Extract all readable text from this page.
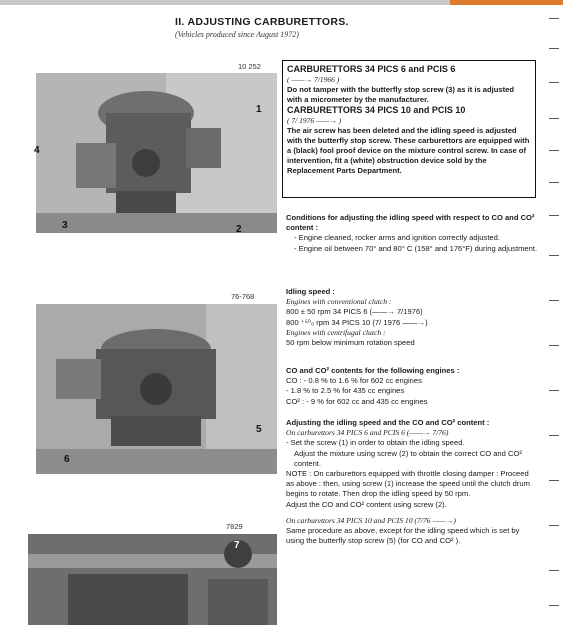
II. ADJUSTING CARBURETTORS.
(Vehicles produced since August 1972)
10 252
1
2
3
4
76-768
5
6
7829
7
CARBURETTORS 34 PICS 6 and PCIS 6
( ——→ 7/1966 )

Do not tamper with the butterfly stop screw (3) as it is adjusted with a micrometer by the manufacturer.

CARBURETTORS 34 PICS 10 and PCIS 10
( 7/ 1976 ——→ )

The air screw has been deleted and the idling speed is adjusted with the butterfly stop screw. These carburettors are equipped with a (black) fool proof device on the mixture control screw. In case of intervention, fit a (white) obstruction device sold by the Replacement Parts Department.

Conditions for adjusting the idling speed with respect to CO and CO² content :
- Engine cleaned, rocker arms and ignition correctly adjusted.
- Engine oil between 70° and 80° C (158° and 176°F) during adjustment.
Idling speed :
Engines with conventional clutch :
800 ± 50 rpm 34 PICS 6 (——→ 7/1976)
800 ⁺⁵⁰₀ rpm 34 PICS 10 (7/ 1976 ——→)
Engines with centrifugal clutch :
50 rpm below minimum rotation speed
CO and CO² contents for the following engines :
CO : - 0.8 % to 1.6 % for 602 cc engines
- 1.8 % to 2.5 % for 435 cc engines
CO² : - 9 % for 602 cc and 435 cc engines
Adjusting the idling speed and the CO and CO² content :
On carburettors 34 PICS 6 and PCIS 6 (——→ 7/76)
- Set the screw (1) in order to obtain the idling speed.
Adjust the mixture using screw (2) to obtain the correct CO and CO² content.
NOTE : On carburettors equipped with throttle closing damper : Proceed as above : then, using screw (1) increase the speed until the clutch drum begins to rotate. Then drop the idling speed by 50 rpm.
Adjust the CO and CO² content using screw (2).
On carburettors 34 PICS 10 and PCIS 10 (7/76 ——→)
Same procedure as above, except for the idling speed which is set by using the butterfly stop screw (5) (for CO and CO² ).
